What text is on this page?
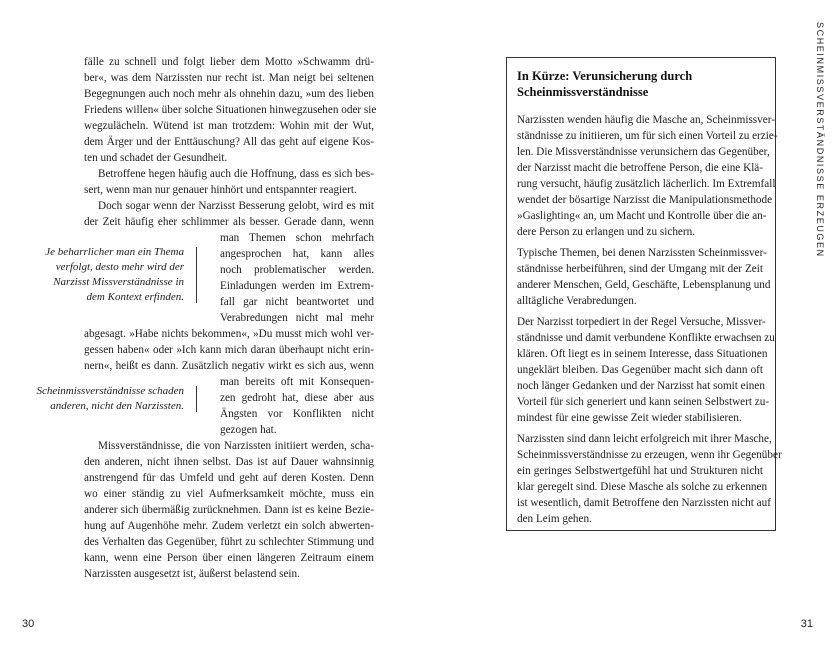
fälle zu schnell und folgt lieber dem Motto »Schwamm drü-
ber«, was dem Narzissten nur recht ist. Man neigt bei seltenen
Begegnungen auch noch mehr als ohnehin dazu, »um des lieben
Friedens willen« über solche Situationen hinwegzusehen oder sie
wegzulächeln. Wütend ist man trotzdem: Wohin mit der Wut,
dem Ärger und der Enttäuschung? All das geht auf eigene Kos-
ten und schadet der Gesundheit.
Betroffene hegen häufig auch die Hoffnung, dass es sich bes-
sert, wenn man nur genauer hinhört und entspannter reagiert.
Doch sogar wenn der Narzisst Besserung gelobt, wird es mit
der Zeit häufig eher schlimmer als besser. Gerade dann, wenn
man Themen schon mehrfach
angesprochen hat, kann alles
noch problematischer werden.
Einladungen werden im Extrem-
fall gar nicht beantwortet und
Verabredungen nicht mal mehr
abgesagt. »Habe nichts bekommen«, »Du musst mich wohl ver-
gessen haben« oder »Ich kann mich daran überhaupt nicht erin-
nern«, heißt es dann. Zusätzlich negativ wirkt es sich aus, wenn
man bereits oft mit Konsequen-
zen gedroht hat, diese aber aus
Ängsten vor Konflikten nicht
gezogen hat.
Missverständnisse, die von Narzissten initiiert werden, scha-
den anderen, nicht ihnen selbst. Das ist auf Dauer wahnsinnig
anstrengend für das Umfeld und geht auf deren Kosten. Denn
wo einer ständig zu viel Aufmerksamkeit möchte, muss ein
anderer sich übermäßig zurücknehmen. Dann ist es keine Bezie-
hung auf Augenhöhe mehr. Zudem verletzt ein solch abwerten-
des Verhalten das Gegenüber, führt zu schlechter Stimmung und
kann, wenn eine Person über einen längeren Zeitraum einem
Narzissten ausgesetzt ist, äußerst belastend sein.
Je beharrlicher man ein Thema
verfolgt, desto mehr wird der
Narzisst Missverständnisse in
dem Kontext erfinden.
Scheinmissverständnisse schaden
anderen, nicht den Narzissten.
30
In Kürze: Verunsicherung durch
Scheinmissverständnisse
Narzissten wenden häufig die Masche an, Scheinmissver-
ständnisse zu initiieren, um für sich einen Vorteil zu erzie-
len. Die Missverständnisse verunsichern das Gegenüber,
der Narzisst macht die betroffene Person, die eine Klä-
rung versucht, häufig zusätzlich lächerlich. Im Extremfall
wendet der bösartige Narzisst die Manipulationsmethode
»Gaslighting« an, um Macht und Kontrolle über die an-
dere Person zu erlangen und zu sichern.
Typische Themen, bei denen Narzissten Scheinmissver-
ständnisse herbeiführen, sind der Umgang mit der Zeit
anderer Menschen, Geld, Geschäfte, Lebensplanung und
alltägliche Verabredungen.
Der Narzisst torpediert in der Regel Versuche, Missver-
ständnisse und damit verbundene Konflikte erwachsen zu
klären. Oft liegt es in seinem Interesse, dass Situationen
ungeklärt bleiben. Das Gegenüber macht sich dann oft
noch länger Gedanken und der Narzisst hat somit einen
Vorteil für sich generiert und kann seinen Selbstwert zu-
mindest für eine gewisse Zeit wieder stabilisieren.
Narzissten sind dann leicht erfolgreich mit ihrer Masche,
Scheinmissverständnisse zu erzeugen, wenn ihr Gegenüber
ein geringes Selbstwertgefühl hat und Strukturen nicht
klar geregelt sind. Diese Masche als solche zu erkennen
ist wesentlich, damit Betroffene den Narzissten nicht auf
den Leim gehen.
SCHEINMISSVERSTÄNDNISSE ERZEUGEN
31
